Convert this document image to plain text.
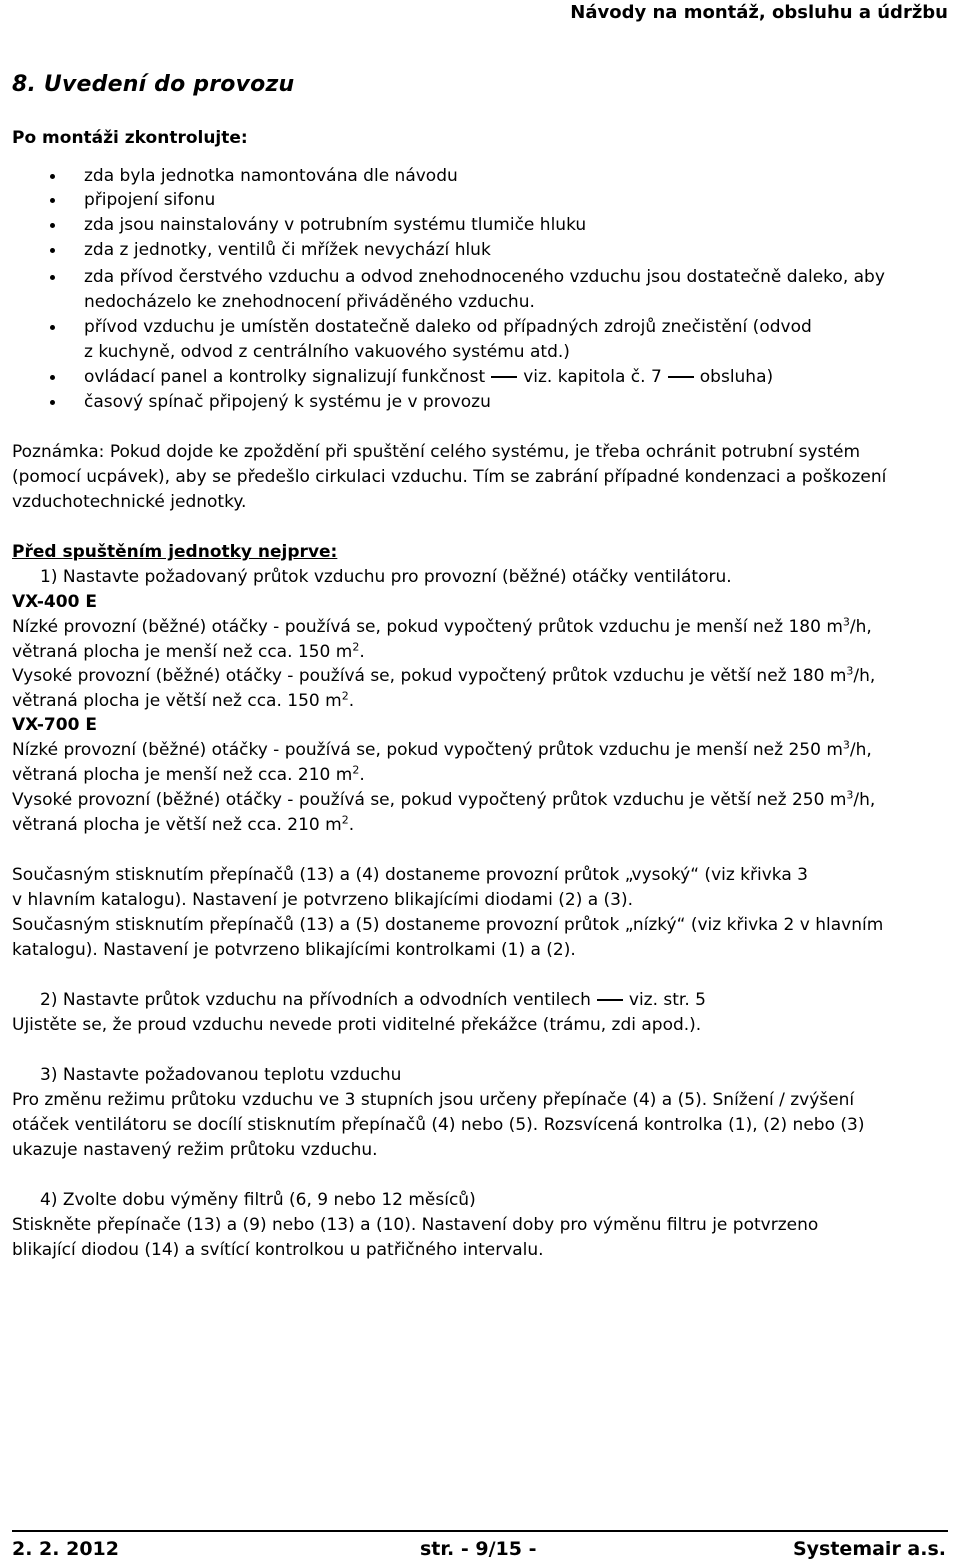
Návody na montáž, obsluhu a údržbu
8. Uvedení do provozu
Po montáži zkontrolujte:
zda byla jednotka namontována dle návodu
připojení sifonu
zda jsou nainstalovány v potrubním systému tlumiče hluku
zda z jednotky, ventilů či mřížek nevychází hluk
zda přívod čerstvého vzduchu a odvod znehodnoceného vzduchu jsou dostatečně daleko, aby
nedocházelo ke znehodnocení přiváděného vzduchu.
přívod vzduchu je umístěn dostatečně daleko od případných zdrojů znečistění (odvod
z kuchyně, odvod z centrálního vakuového systému atd.)
ovládací panel a kontrolky signalizují funkčnost viz. kapitola č. 7 obsluha)
časový spínač připojený k systému je v provozu
Poznámka: Pokud dojde ke zpoždění při spuštění celého systému, je třeba ochránit potrubní systém
(pomocí ucpávek), aby se předešlo cirkulaci vzduchu. Tím se zabrání případné kondenzaci a poškození
vzduchotechnické jednotky.
Před spuštěním jednotky nejprve:
1) Nastavte požadovaný průtok vzduchu pro provozní (běžné) otáčky ventilátoru.
VX-400 E
Nízké provozní (běžné) otáčky - používá se, pokud vypočtený průtok vzduchu je menší než 180 $m^3/h$,
větraná plocha je menší než cca. 150 $m^2$.
Vysoké provozní (běžné) otáčky - používá se, pokud vypočtený průtok vzduchu je větší než 180 $m^3/h$,
větraná plocha je větší než cca. 150 $m^2$.
VX-700 E
Nízké provozní (běžné) otáčky - používá se, pokud vypočtený průtok vzduchu je menší než 250 $m^3/h$,
větraná plocha je menší než cca. 210 $m^2$.
Vysoké provozní (běžné) otáčky - používá se, pokud vypočtený průtok vzduchu je větší než 250 $m^3/h$,
větraná plocha je větší než cca. 210 $m^2$.
Současným stisknutím přepínačů (13) a (4) dostaneme provozní průtok „vysoký“ (viz křivka 3
v hlavním katalogu). Nastavení je potvrzeno blikajícími diodami (2) a (3).
Současným stisknutím přepínačů (13) a (5) dostaneme provozní průtok „nízký“ (viz křivka 2 v hlavním
katalogu). Nastavení je potvrzeno blikajícími kontrolkami (1) a (2).
2) Nastavte průtok vzduchu na přívodních a odvodních ventilech viz. str. 5
Ujistěte se, že proud vzduchu nevede proti viditelné překážce (trámu, zdi apod.).
3) Nastavte požadovanou teplotu vzduchu
Pro změnu režimu průtoku vzduchu ve 3 stupních jsou určeny přepínače (4) a (5). Snížení / zvýšení
otáček ventilátoru se docílí stisknutím přepínačů (4) nebo (5). Rozsvícená kontrolka (1), (2) nebo (3)
ukazuje nastavený režim průtoku vzduchu.
4) Zvolte dobu výměny filtrů (6, 9 nebo 12 měsíců)
Stiskněte přepínače (13) a (9) nebo (13) a (10). Nastavení doby pro výměnu filtru je potvrzeno
blikající diodou (14) a svítící kontrolkou u patřičného intervalu.
2. 2. 2012	str. - 9/15 -	Systemair a.s.
